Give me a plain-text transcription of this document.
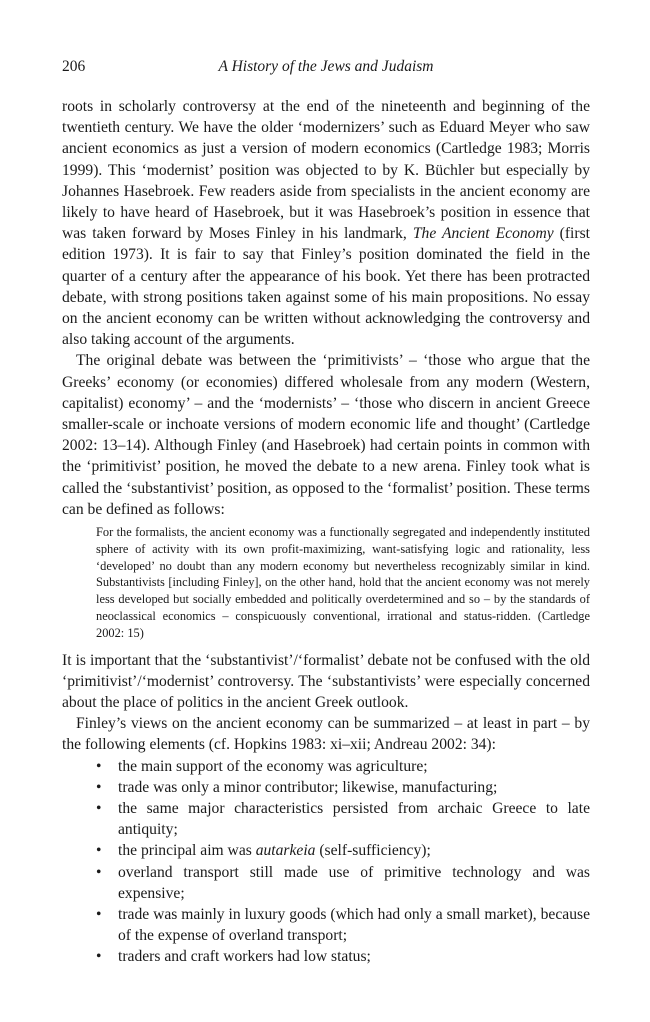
206	A History of the Jews and Judaism

roots in scholarly controversy at the end of the nineteenth and beginning of the twentieth century. We have the older ‘modernizers’ such as Eduard Meyer who saw ancient economics as just a version of modern economics (Cartledge 1983; Morris 1999). This ‘modernist’ position was objected to by K. Büchler but especially by Johannes Hasebroek. Few readers aside from specialists in the ancient economy are likely to have heard of Hasebroek, but it was Hasebroek’s position in essence that was taken forward by Moses Finley in his landmark, The Ancient Economy (first edition 1973). It is fair to say that Finley’s position dominated the field in the quarter of a century after the appearance of his book. Yet there has been protracted debate, with strong positions taken against some of his main propositions. No essay on the ancient economy can be written without acknowledging the controversy and also taking account of the arguments.

The original debate was between the ‘primitivists’ – ‘those who argue that the Greeks’ economy (or economies) differed wholesale from any modern (Western, capitalist) economy’ – and the ‘modernists’ – ‘those who discern in ancient Greece smaller-scale or inchoate versions of modern economic life and thought’ (Cartledge 2002: 13–14). Although Finley (and Hasebroek) had certain points in common with the ‘primitivist’ position, he moved the debate to a new arena. Finley took what is called the ‘substantivist’ position, as opposed to the ‘formalist’ position. These terms can be defined as follows:

For the formalists, the ancient economy was a functionally segregated and independently instituted sphere of activity with its own profit-maximizing, want-satisfying logic and rationality, less ‘developed’ no doubt than any modern economy but nevertheless recognizably similar in kind. Substantivists [including Finley], on the other hand, hold that the ancient economy was not merely less developed but socially embedded and politically overdetermined and so – by the standards of neoclassical economics – conspicuously conventional, irrational and status-ridden. (Cartledge 2002: 15)

It is important that the ‘substantivist’/‘formalist’ debate not be confused with the old ‘primitivist’/‘modernist’ controversy. The ‘substantivists’ were especially concerned about the place of politics in the ancient Greek outlook.

Finley’s views on the ancient economy can be summarized – at least in part – by the following elements (cf. Hopkins 1983: xi–xii; Andreau 2002: 34):

• the main support of the economy was agriculture;
• trade was only a minor contributor; likewise, manufacturing;
• the same major characteristics persisted from archaic Greece to late antiquity;
• the principal aim was autarkeia (self-sufficiency);
• overland transport still made use of primitive technology and was expensive;
• trade was mainly in luxury goods (which had only a small market), because of the expense of overland transport;
• traders and craft workers had low status;
